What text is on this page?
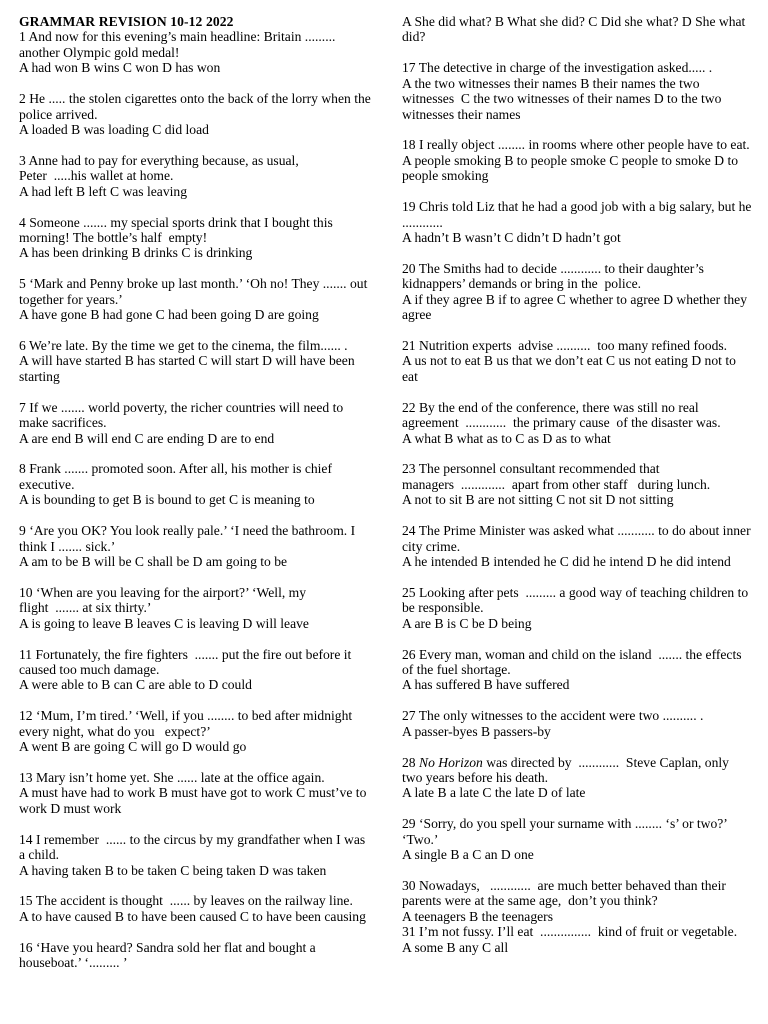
GRAMMAR REVISION 10-12 2022

1 And now for this evening’s main headline: Britain ......... another Olympic gold medal!

A had won B wins C won D has won

2 He ..... the stolen cigarettes onto the back of the lorry when the police arrived.

A loaded B was loading C did load

3 Anne had to pay for everything because, as usual,
Peter  .....his wallet at home.

A had left B left C was leaving

4 Someone ....... my special sports drink that I bought this morning! The bottle’s half  empty!

A has been drinking B drinks C is drinking

5 ‘Mark and Penny broke up last month.’ ‘Oh no! They ....... out together for years.’

A have gone B had gone C had been going D are going

6 We’re late. By the time we get to the cinema, the film...... .

A will have started B has started C will start D will have been starting

7 If we ....... world poverty, the richer countries will need to make sacrifices.

A are end B will end C are ending D are to end

8 Frank ....... promoted soon. After all, his mother is chief executive.

A is bounding to get B is bound to get C is meaning to

9 ‘Are you OK? You look really pale.’ ‘I need the bathroom. I think I ....... sick.’

A am to be B will be C shall be D am going to be

10 ‘When are you leaving for the airport?’ ‘Well, my
flight  ....... at six thirty.’

A is going to leave B leaves C is leaving D will leave

11 Fortunately, the fire fighters  ....... put the fire out before it caused too much damage.

A were able to B can C are able to D could

12 ‘Mum, I’m tired.’ ‘Well, if you ........ to bed after midnight every night, what do you   expect?’

A went B are going C will go D would go

13 Mary isn’t home yet. She ...... late at the office again.

A must have had to work B must have got to work C must’ve to work D must work

14 I remember  ...... to the circus by my grandfather when I was a child.

A having taken B to be taken C being taken D was taken

15 The accident is thought  ...... by leaves on the railway line.

A to have caused B to have been caused C to have been causing

16 ‘Have you heard? Sandra sold her flat and bought a houseboat.’ ‘......... ’

A She did what? B What she did? C Did she what? D She what did?

17 The detective in charge of the investigation asked..... .

A the two witnesses their names B their names the two witnesses  C the two witnesses of their names D to the two witnesses their names

18 I really object ........ in rooms where other people have to eat.

A people smoking B to people smoke C people to smoke D to people smoking

19 Chris told Liz that he had a good job with a big salary, but he ............

A hadn’t B wasn’t C didn’t D hadn’t got

20 The Smiths had to decide ............ to their daughter’s kidnappers’ demands or bring in the  police.

A if they agree B if to agree C whether to agree D whether they agree

21 Nutrition experts  advise ..........  too many refined foods.

A us not to eat B us that we don’t eat C us not eating D not to eat

22 By the end of the conference, there was still no real agreement  ............  the primary cause  of the disaster was.

A what B what as to C as D as to what

23 The personnel consultant recommended that
managers  .............  apart from other staff   during lunch.

A not to sit B are not sitting C not sit D not sitting

24 The Prime Minister was asked what ........... to do about inner city crime.

A he intended B intended he C did he intend D he did intend

25 Looking after pets  ......... a good way of teaching children to be responsible.

A are B is C be D being

26 Every man, woman and child on the island  ....... the effects of the fuel shortage.

A has suffered B have suffered

27 The only witnesses to the accident were two .......... .

A passer-byes B passers-by

28 No Horizon was directed by  ............  Steve Caplan, only two years before his death.

A late B a late C the late D of late

29 ‘Sorry, do you spell your surname with ........ ‘s’ or two?’ ‘Two.’

A single B a C an D one

30 Nowadays,   ............  are much better behaved than their parents were at the same age,  don’t you think?

A teenagers B the teenagers

31 I’m not fussy. I’ll eat  ...............  kind of fruit or vegetable.

A some B any C all
